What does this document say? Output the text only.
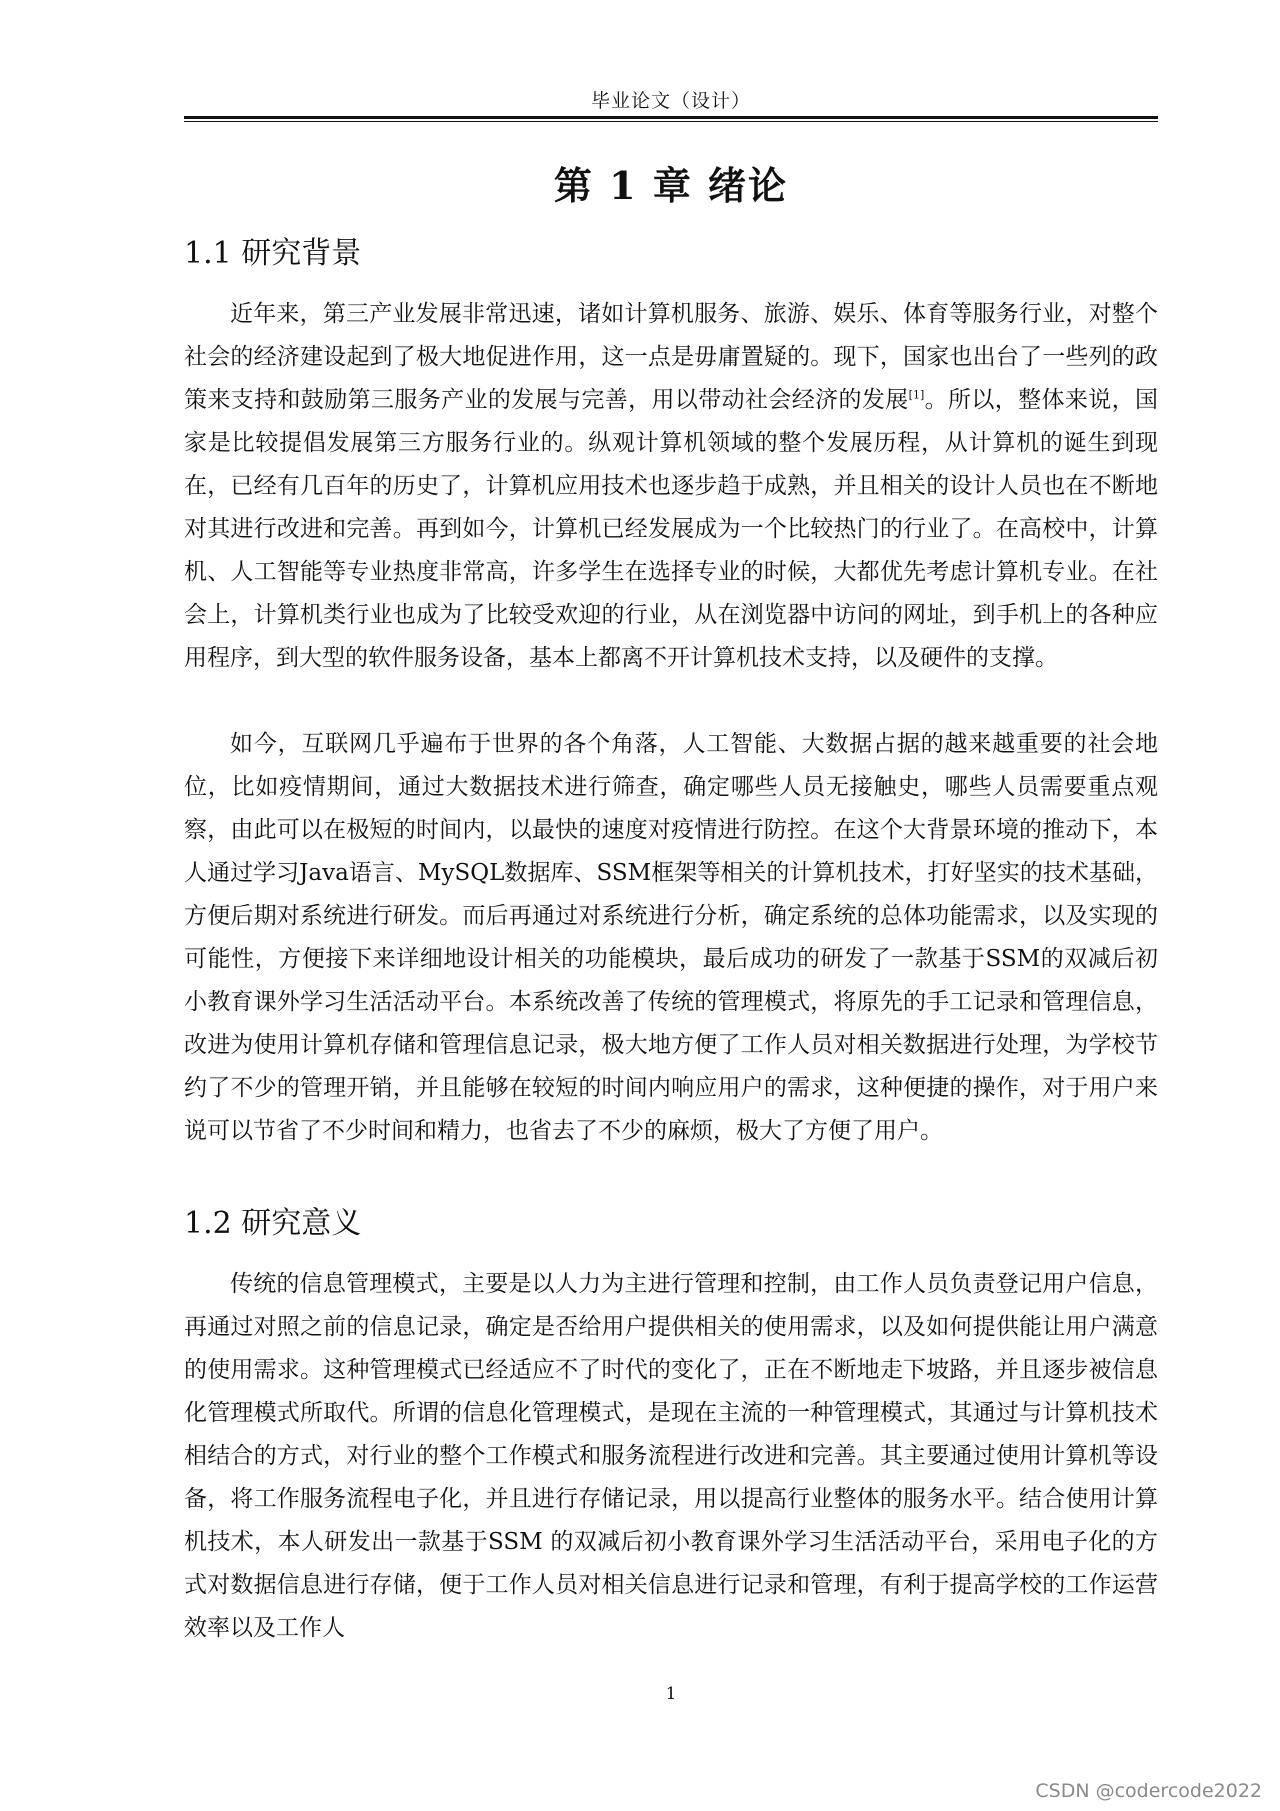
毕业论文（设计）
第 1 章 绪论
1.1 研究背景

近年来，第三产业发展非常迅速，诸如计算机服务、旅游、娱乐、体育等服务行业，对整个社会的经济建设起到了极大地促进作用，这一点是毋庸置疑的。现下，国家也出台了一些列的政策来支持和鼓励第三服务产业的发展与完善，用以带动社会经济的发展[1]。所以，整体来说，国家是比较提倡发展第三方服务行业的。纵观计算机领域的整个发展历程，从计算机的诞生到现在，已经有几百年的历史了，计算机应用技术也逐步趋于成熟，并且相关的设计人员也在不断地对其进行改进和完善。再到如今，计算机已经发展成为一个比较热门的行业了。在高校中，计算机、人工智能等专业热度非常高，许多学生在选择专业的时候，大都优先考虑计算机专业。在社会上，计算机类行业也成为了比较受欢迎的行业，从在浏览器中访问的网址，到手机上的各种应用程序，到大型的软件服务设备，基本上都离不开计算机技术支持，以及硬件的支撑。

如今，互联网几乎遍布于世界的各个角落，人工智能、大数据占据的越来越重要的社会地位，比如疫情期间，通过大数据技术进行筛查，确定哪些人员无接触史，哪些人员需要重点观察，由此可以在极短的时间内，以最快的速度对疫情进行防控。在这个大背景环境的推动下，本人通过学习Java语言、MySQL数据库、SSM框架等相关的计算机技术，打好坚实的技术基础，方便后期对系统进行研发。而后再通过对系统进行分析，确定系统的总体功能需求，以及实现的可能性，方便接下来详细地设计相关的功能模块，最后成功的研发了一款基于SSM的双减后初小教育课外学习生活活动平台。本系统改善了传统的管理模式，将原先的手工记录和管理信息，改进为使用计算机存储和管理信息记录，极大地方便了工作人员对相关数据进行处理，为学校节约了不少的管理开销，并且能够在较短的时间内响应用户的需求，这种便捷的操作，对于用户来说可以节省了不少时间和精力，也省去了不少的麻烦，极大了方便了用户。

1.2 研究意义

传统的信息管理模式，主要是以人力为主进行管理和控制，由工作人员负责登记用户信息，再通过对照之前的信息记录，确定是否给用户提供相关的使用需求，以及如何提供能让用户满意的使用需求。这种管理模式已经适应不了时代的变化了，正在不断地走下坡路，并且逐步被信息化管理模式所取代。所谓的信息化管理模式，是现在主流的一种管理模式，其通过与计算机技术相结合的方式，对行业的整个工作模式和服务流程进行改进和完善。其主要通过使用计算机等设备，将工作服务流程电子化，并且进行存储记录，用以提高行业整体的服务水平。结合使用计算机技术，本人研发出一款基于SSM 的双减后初小教育课外学习生活活动平台，采用电子化的方式对数据信息进行存储，便于工作人员对相关信息进行记录和管理，有利于提高学校的工作运营效率以及工作人

1
CSDN @codercode2022
